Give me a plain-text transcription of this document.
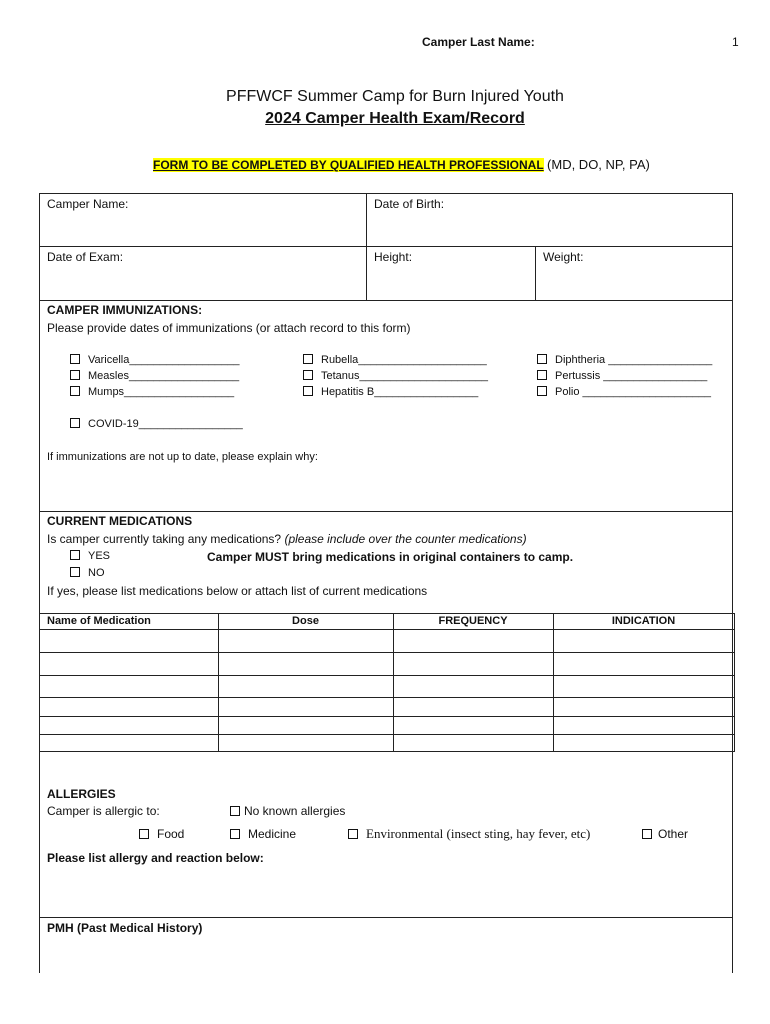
Camper Last Name:	1
PFFWCF Summer Camp for Burn Injured Youth
2024 Camper Health Exam/Record
FORM TO BE COMPLETED BY QUALIFIED HEALTH PROFESSIONAL (MD, DO, NP, PA)
Camper Name:	Date of Birth:
Date of Exam:	Height:	Weight:
CAMPER IMMUNIZATIONS:
Please provide dates of immunizations (or attach record to this form)
Varicella__________________
Measles__________________
Mumps__________________
Rubella_____________________
Tetanus_____________________
Hepatitis B_________________
Diphtheria _________________
Pertussis _________________
Polio _____________________
COVID-19_________________
If immunizations are not up to date, please explain why:
CURRENT MEDICATIONS
Is camper currently taking any medications? (please include over the counter medications)
YES	Camper MUST bring medications in original containers to camp.
NO
If yes, please list medications below or attach list of current medications
Name of Medication	Dose	FREQUENCY	INDICATION
ALLERGIES
Camper is allergic to:	No known allergies
Food	Medicine	Environmental (insect sting, hay fever, etc)	Other
Please list allergy and reaction below:
PMH (Past Medical History)
